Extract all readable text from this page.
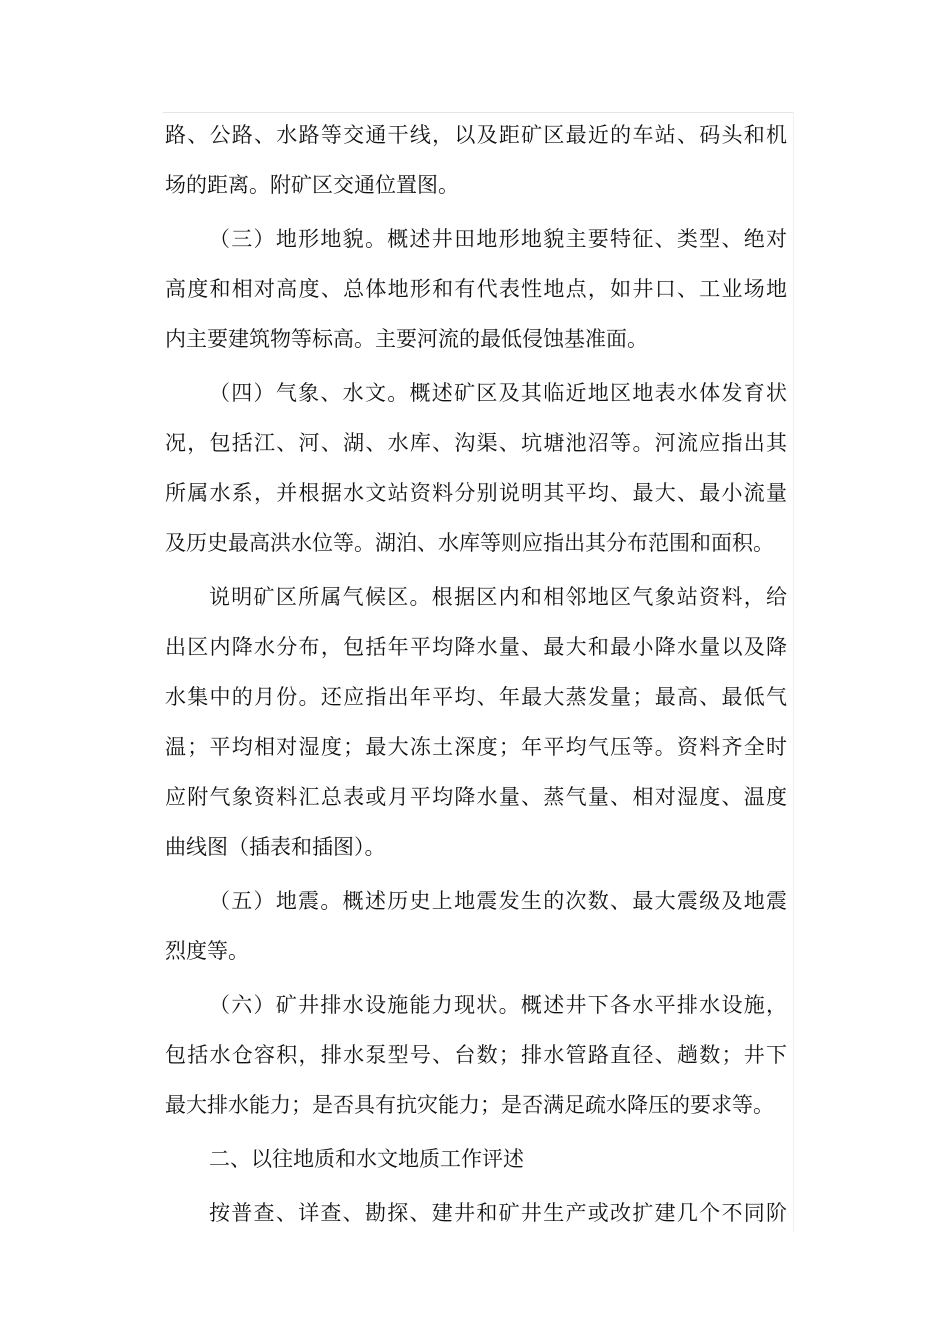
路、公路、水路等交通干线，以及距矿区最近的车站、码头和机
场的距离。附矿区交通位置图。
（三）地形地貌。概述井田地形地貌主要特征、类型、绝对
高度和相对高度、总体地形和有代表性地点，如井口、工业场地
内主要建筑物等标高。主要河流的最低侵蚀基准面。
（四）气象、水文。概述矿区及其临近地区地表水体发育状
况，包括江、河、湖、水库、沟渠、坑塘池沼等。河流应指出其
所属水系，并根据水文站资料分别说明其平均、最大、最小流量
及历史最高洪水位等。湖泊、水库等则应指出其分布范围和面积。
说明矿区所属气候区。根据区内和相邻地区气象站资料，给
出区内降水分布，包括年平均降水量、最大和最小降水量以及降
水集中的月份。还应指出年平均、年最大蒸发量；最高、最低气
温；平均相对湿度；最大冻土深度；年平均气压等。资料齐全时
应附气象资料汇总表或月平均降水量、蒸气量、相对湿度、温度
曲线图（插表和插图）。
（五）地震。概述历史上地震发生的次数、最大震级及地震
烈度等。
（六）矿井排水设施能力现状。概述井下各水平排水设施，
包括水仓容积，排水泵型号、台数；排水管路直径、趟数；井下
最大排水能力；是否具有抗灾能力；是否满足疏水降压的要求等。
二、以往地质和水文地质工作评述
按普查、详查、勘探、建井和矿井生产或改扩建几个不同阶
